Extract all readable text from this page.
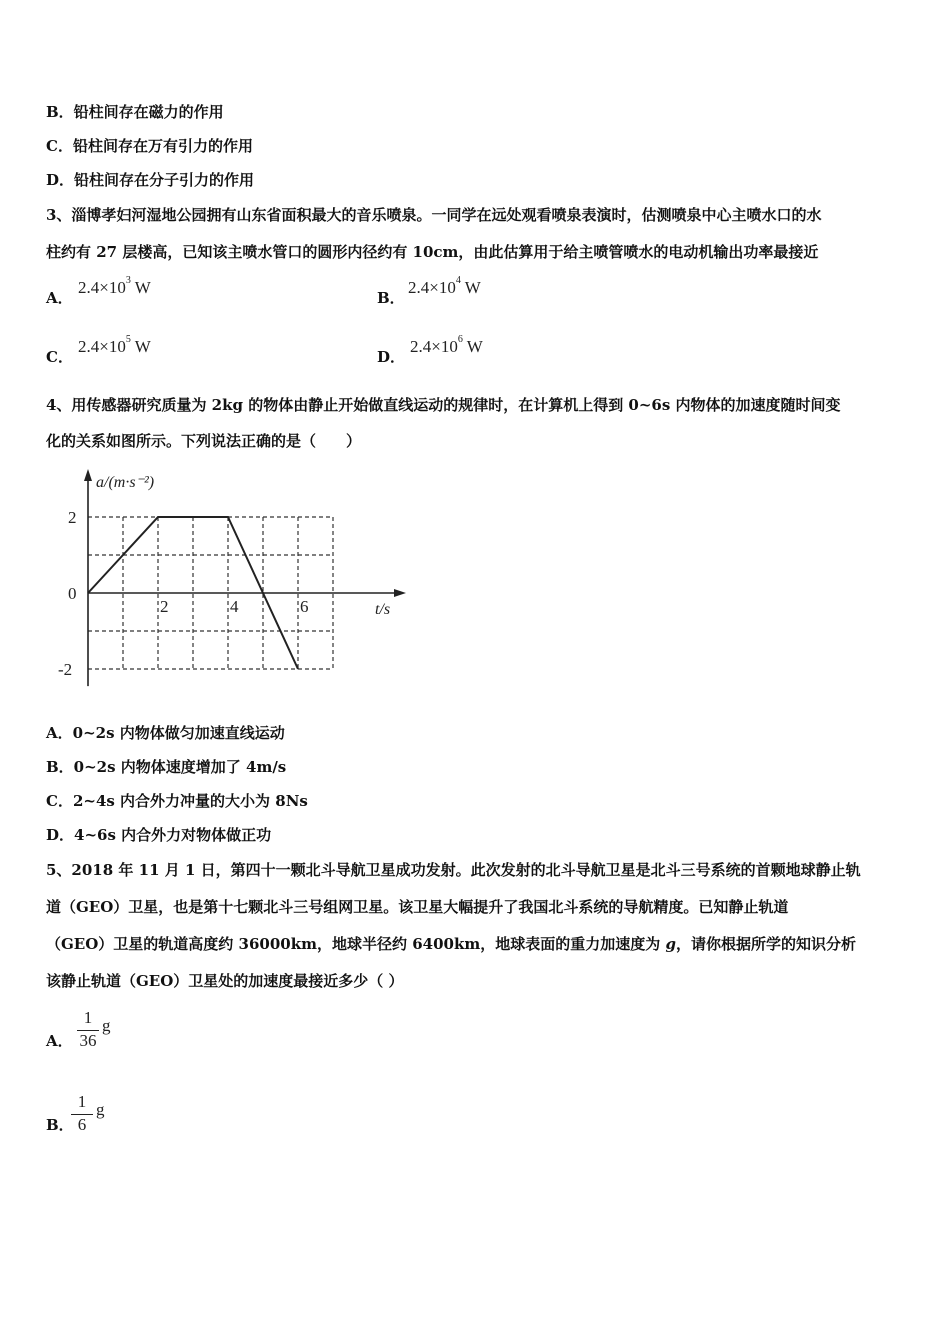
B．铅柱间存在磁力的作用
C．铅柱间存在万有引力的作用
D．铅柱间存在分子引力的作用
3、淄博孝妇河湿地公园拥有山东省面积最大的音乐喷泉。一同学在远处观看喷泉表演时，估测喷泉中心主喷水口的水
柱约有 27 层楼高，已知该主喷水管口的圆形内径约有 10cm，由此估算用于给主喷管喷水的电动机输出功率最接近
A．
$2.4\times 10^3$ W
B．
$2.4\times 10^4$ W
C．
$2.4\times 10^5$ W
D．
$2.4\times 10^6$ W
4、用传感器研究质量为 2kg 的物体由静止开始做直线运动的规律时，在计算机上得到 0~6s 内物体的加速度随时间变
化的关系如图所示。下列说法正确的是（　　）
2	4	6
2
0
-2
a/(m·s⁻²)
t/s
A．0~2s 内物体做匀加速直线运动
B．0~2s 内物体速度增加了 4m/s
C．2~4s 内合外力冲量的大小为 8Ns
D．4~6s 内合外力对物体做正功
5、2018 年 11 月 1 日，第四十一颗北斗导航卫星成功发射。此次发射的北斗导航卫星是北斗三号系统的首颗地球静止轨
道（GEO）卫星，也是第十七颗北斗三号组网卫星。该卫星大幅提升了我国北斗系统的导航精度。已知静止轨道
（GEO）卫星的轨道高度约 36000km，地球半径约 6400km，地球表面的重力加速度为 g，请你根据所学的知识分析
该静止轨道（GEO）卫星处的加速度最接近多少（ ）
A．
1
36
g
B．
1
6
g
